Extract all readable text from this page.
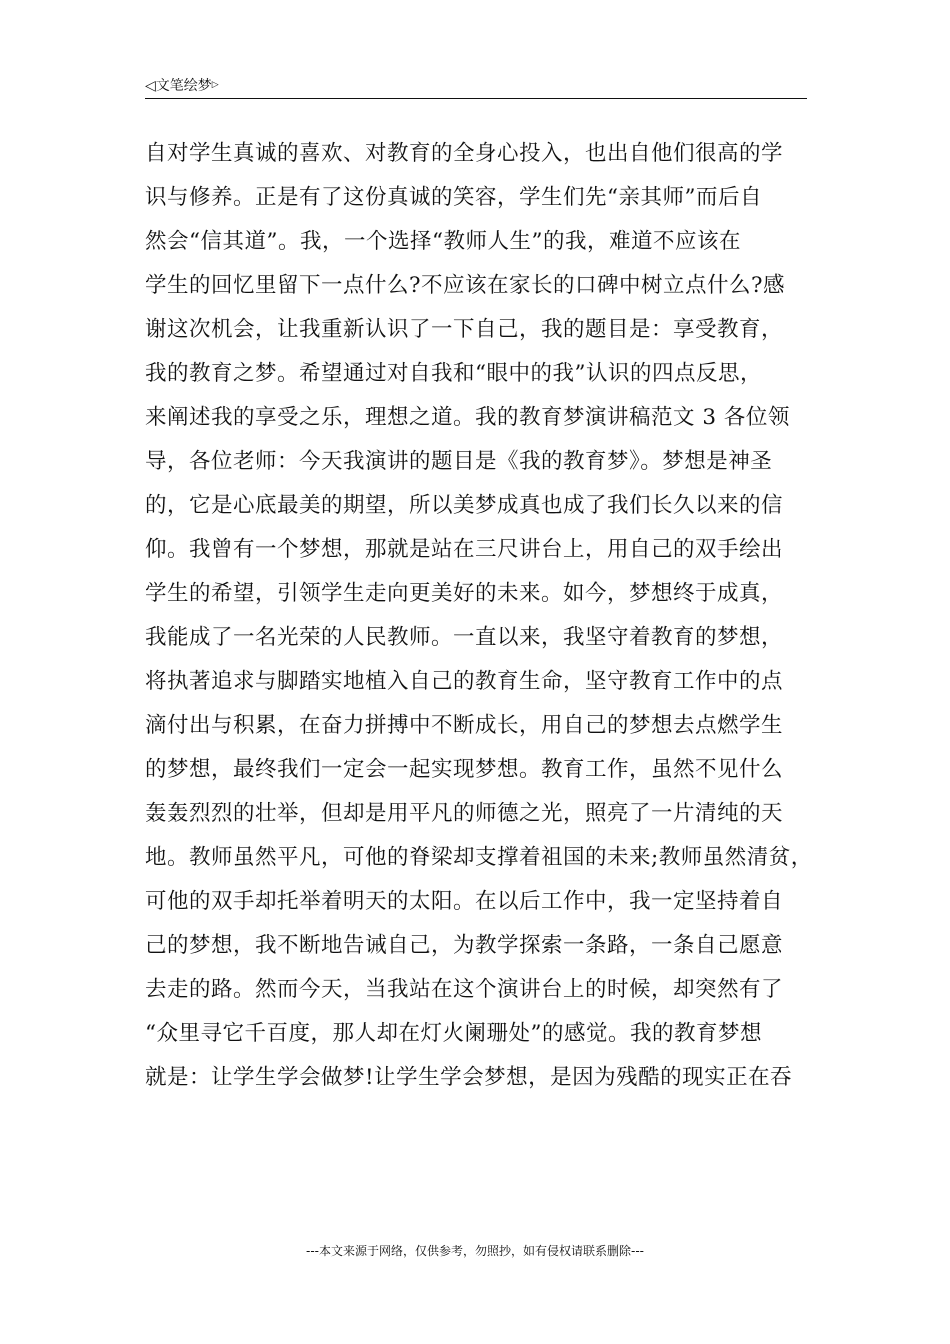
◁文笔绘梦▷
自对学生真诚的喜欢、对教育的全身心投入，也出自他们很高的学
识与修养。正是有了这份真诚的笑容，学生们先“亲其师”而后自
然会“信其道”。我，一个选择“教师人生”的我，难道不应该在
学生的回忆里留下一点什么?不应该在家长的口碑中树立点什么?感
谢这次机会，让我重新认识了一下自己，我的题目是：享受教育，
我的教育之梦。希望通过对自我和“眼中的我”认识的四点反思，
来阐述我的享受之乐，理想之道。我的教育梦演讲稿范文 3 各位领
导，各位老师：今天我演讲的题目是《我的教育梦》。梦想是神圣
的，它是心底最美的期望，所以美梦成真也成了我们长久以来的信
仰。我曾有一个梦想，那就是站在三尺讲台上，用自己的双手绘出
学生的希望，引领学生走向更美好的未来。如今，梦想终于成真，
我能成了一名光荣的人民教师。一直以来，我坚守着教育的梦想，
将执著追求与脚踏实地植入自己的教育生命，坚守教育工作中的点
滴付出与积累，在奋力拼搏中不断成长，用自己的梦想去点燃学生
的梦想，最终我们一定会一起实现梦想。教育工作，虽然不见什么
轰轰烈烈的壮举，但却是用平凡的师德之光，照亮了一片清纯的天
地。教师虽然平凡，可他的脊梁却支撑着祖国的未来;教师虽然清贫，
可他的双手却托举着明天的太阳。在以后工作中，我一定坚持着自
己的梦想，我不断地告诫自己，为教学探索一条路，一条自己愿意
去走的路。然而今天，当我站在这个演讲台上的时候，却突然有了
“众里寻它千百度，那人却在灯火阑珊处”的感觉。我的教育梦想
就是：让学生学会做梦!让学生学会梦想，是因为残酷的现实正在吞
---本文来源于网络，仅供参考，勿照抄，如有侵权请联系删除---
